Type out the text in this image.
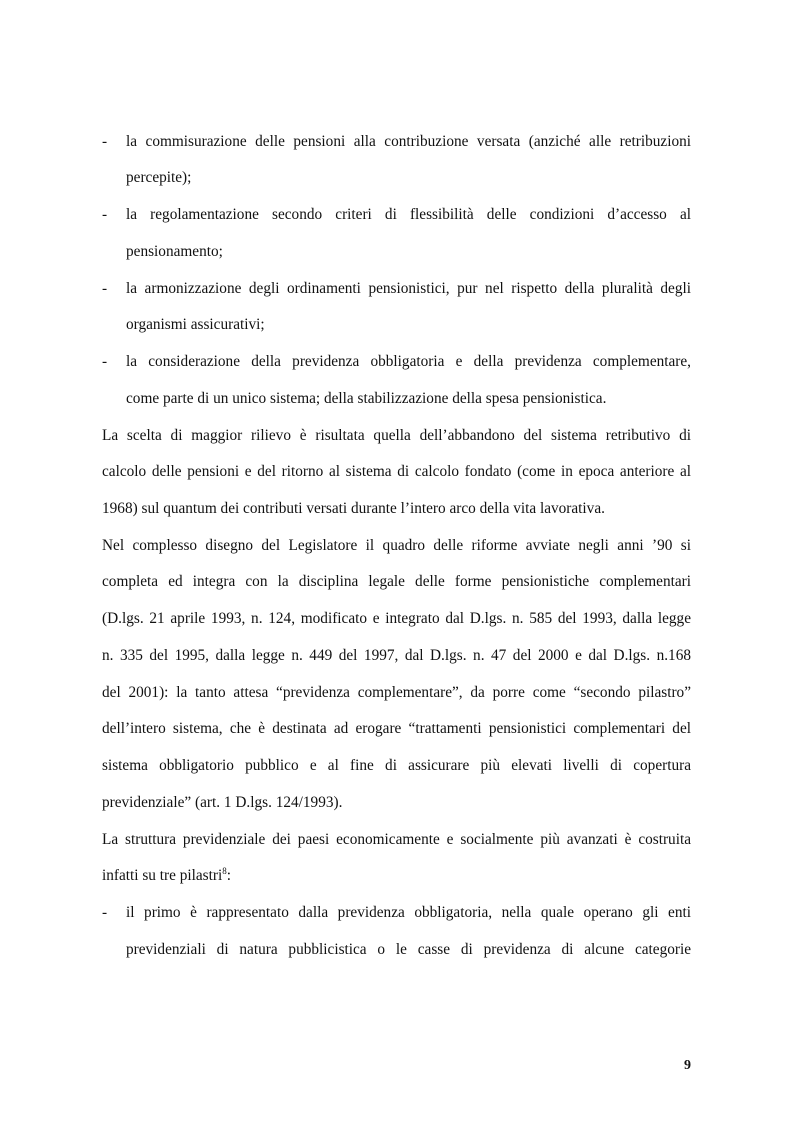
- la commisurazione delle pensioni alla contribuzione versata (anziché alle retribuzioni
percepite);
- la regolamentazione secondo criteri di flessibilità delle condizioni d’accesso al
pensionamento;
- la armonizzazione degli ordinamenti pensionistici, pur nel rispetto della pluralità degli
organismi assicurativi;
- la considerazione della previdenza obbligatoria e della previdenza complementare,
come parte di un unico sistema; della stabilizzazione della spesa pensionistica.
La scelta di maggior rilievo è risultata quella dell’abbandono del sistema retributivo di
calcolo delle pensioni e del ritorno al sistema di calcolo fondato (come in epoca anteriore al
1968) sul quantum dei contributi versati durante l’intero arco della vita lavorativa.
Nel complesso disegno del Legislatore il quadro delle riforme avviate negli anni ’90 si
completa ed integra con la disciplina legale delle forme pensionistiche complementari
(D.lgs. 21 aprile 1993, n. 124, modificato e integrato dal D.lgs. n. 585 del 1993, dalla legge
n. 335 del 1995, dalla legge n. 449 del 1997, dal D.lgs. n. 47 del 2000 e dal D.lgs. n.168
del 2001): la tanto attesa “previdenza complementare”, da porre come “secondo pilastro”
dell’intero sistema, che è destinata ad erogare “trattamenti pensionistici complementari del
sistema obbligatorio pubblico e al fine di assicurare più elevati livelli di copertura
previdenziale” (art. 1 D.lgs. 124/1993).
La struttura previdenziale dei paesi economicamente e socialmente più avanzati è costruita
infatti su tre pilastri$^8$:
- il primo è rappresentato dalla previdenza obbligatoria, nella quale operano gli enti
previdenziali di natura pubblicistica o le casse di previdenza di alcune categorie
9
